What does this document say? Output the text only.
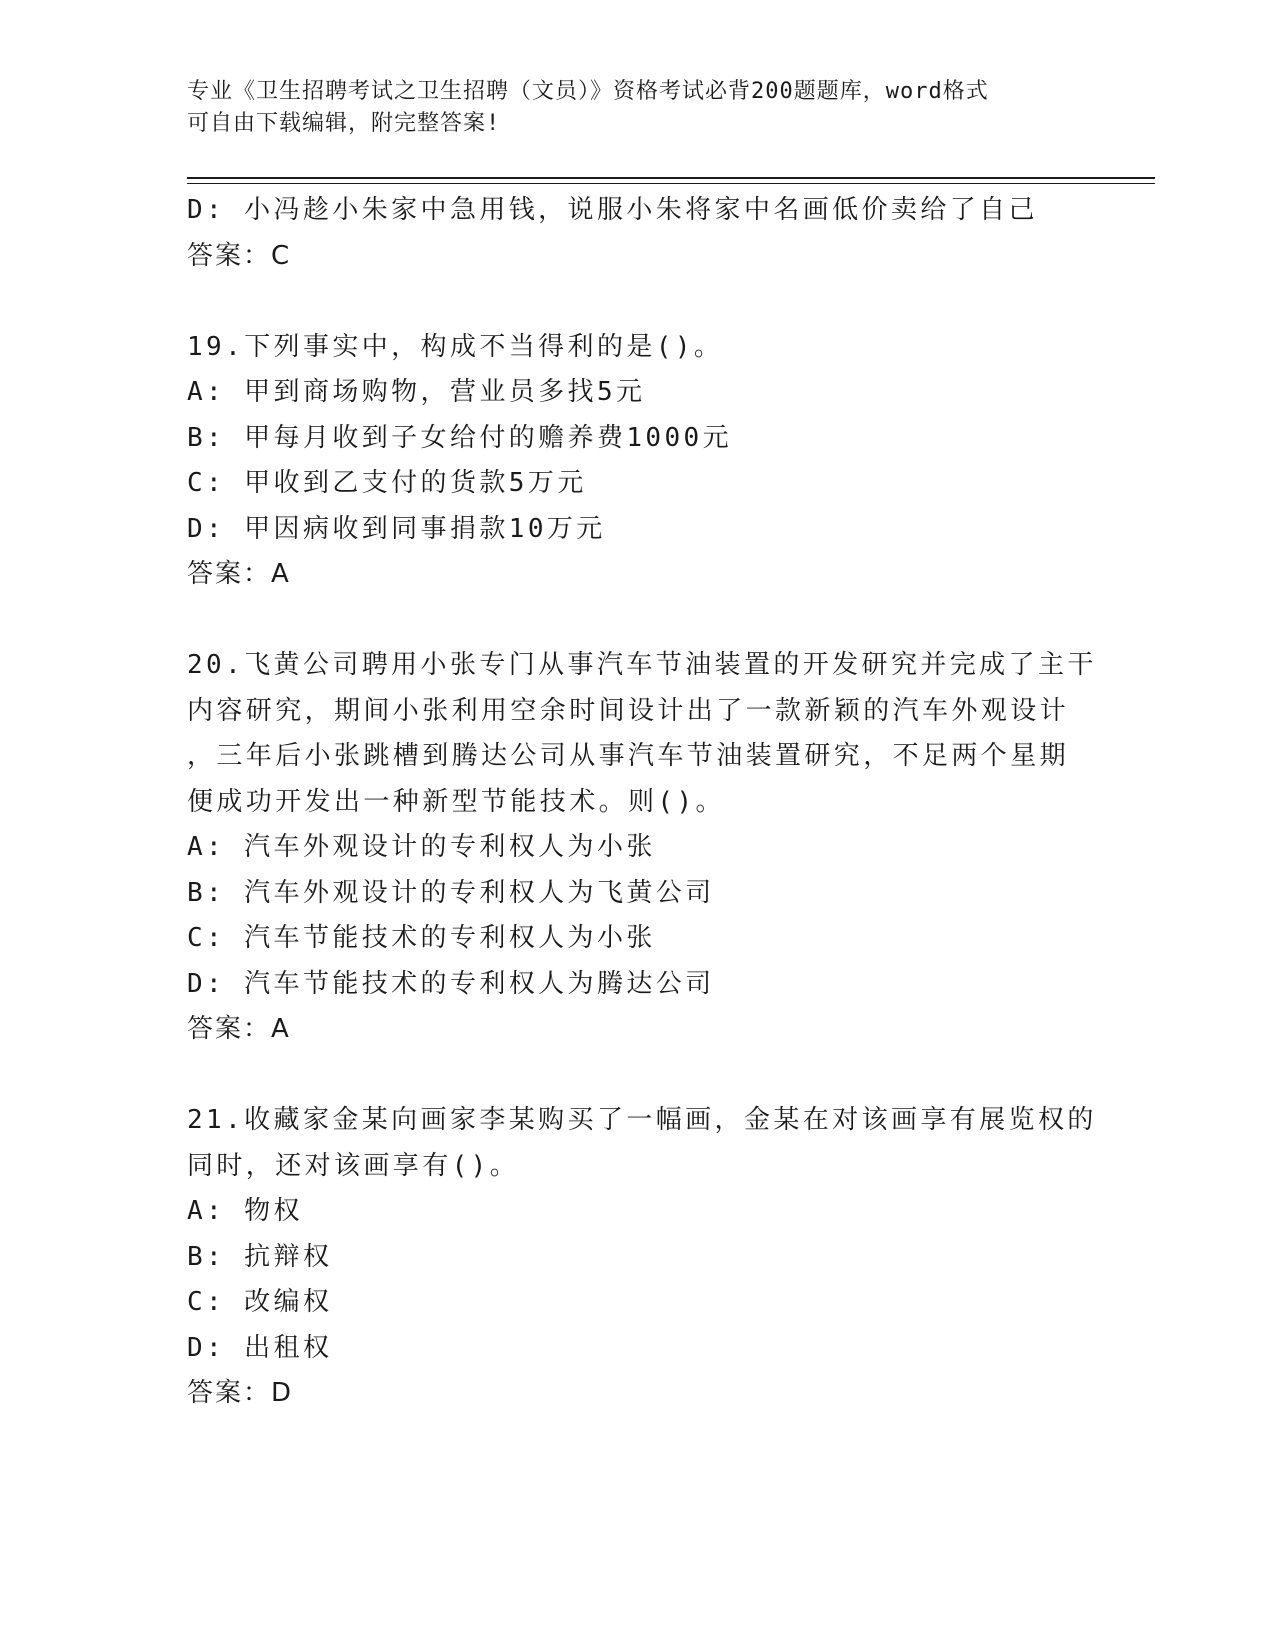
专业《卫生招聘考试之卫生招聘（文员）》资格考试必背200题题库，word格式
可自由下载编辑，附完整答案!
D: 小冯趁小朱家中急用钱，说服小朱将家中名画低价卖给了自己
答案：C
19.下列事实中，构成不当得利的是()。
A: 甲到商场购物，营业员多找5元
B: 甲每月收到子女给付的赡养费1000元
C: 甲收到乙支付的货款5万元
D: 甲因病收到同事捐款10万元
答案：A
20.飞黄公司聘用小张专门从事汽车节油装置的开发研究并完成了主干
内容研究，期间小张利用空余时间设计出了一款新颖的汽车外观设计
，三年后小张跳槽到腾达公司从事汽车节油装置研究，不足两个星期
便成功开发出一种新型节能技术。则()。
A: 汽车外观设计的专利权人为小张
B: 汽车外观设计的专利权人为飞黄公司
C: 汽车节能技术的专利权人为小张
D: 汽车节能技术的专利权人为腾达公司
答案：A
21.收藏家金某向画家李某购买了一幅画，金某在对该画享有展览权的
同时，还对该画享有()。
A: 物权
B: 抗辩权
C: 改编权
D: 出租权
答案：D
